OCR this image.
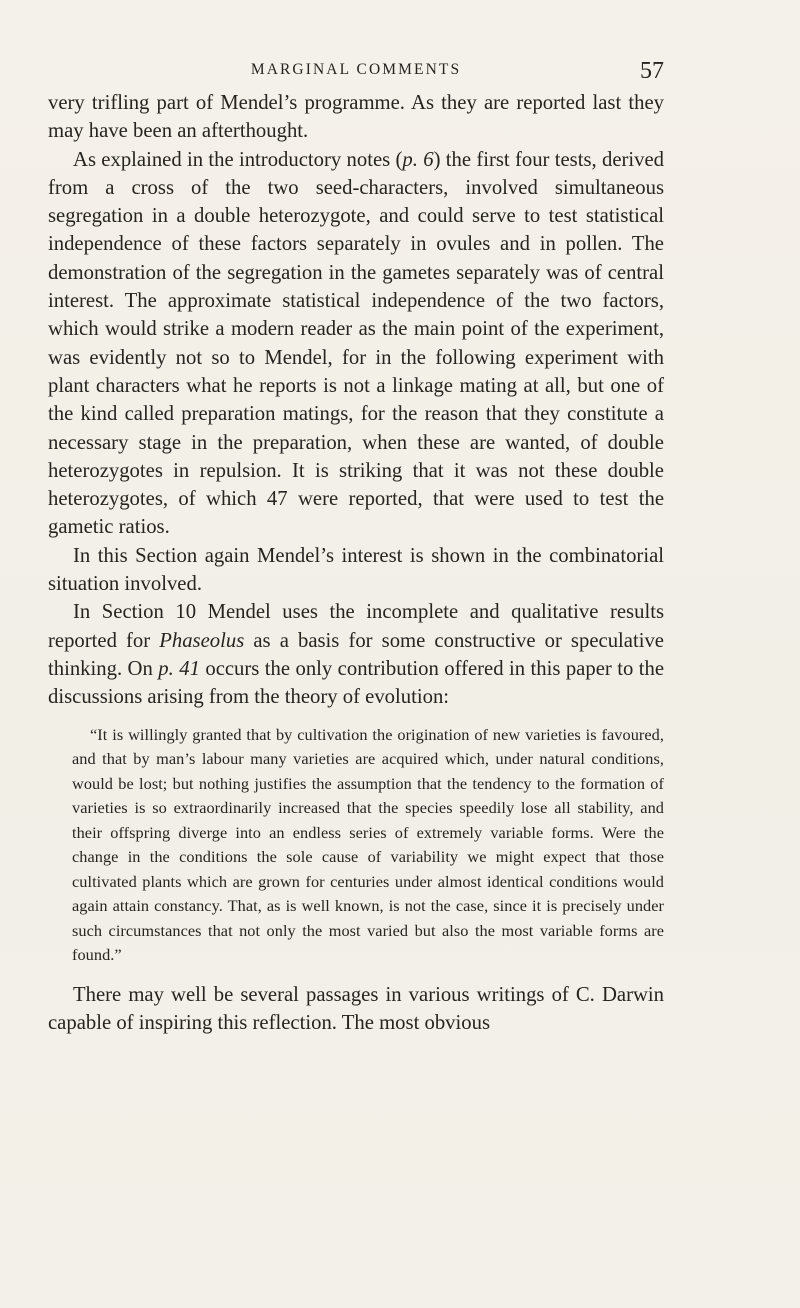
MARGINAL COMMENTS	57

very trifling part of Mendel’s programme. As they are reported last they may have been an afterthought.

As explained in the introductory notes (p. 6) the first four tests, derived from a cross of the two seed-characters, involved simultaneous segregation in a double heterozygote, and could serve to test statistical independence of these factors separately in ovules and in pollen. The demonstration of the segregation in the gametes separately was of central interest. The approximate statistical independence of the two factors, which would strike a modern reader as the main point of the experiment, was evidently not so to Mendel, for in the following experiment with plant characters what he reports is not a linkage mating at all, but one of the kind called preparation matings, for the reason that they constitute a necessary stage in the preparation, when these are wanted, of double heterozygotes in repulsion. It is striking that it was not these double heterozygotes, of which 47 were reported, that were used to test the gametic ratios.

In this Section again Mendel’s interest is shown in the combinatorial situation involved.

In Section 10 Mendel uses the incomplete and qualitative results reported for Phaseolus as a basis for some constructive or speculative thinking. On p. 41 occurs the only contribution offered in this paper to the discussions arising from the theory of evolution:

“It is willingly granted that by cultivation the origination of new varieties is favoured, and that by man’s labour many varieties are acquired which, under natural conditions, would be lost; but nothing justifies the assumption that the tendency to the formation of varieties is so extraordinarily increased that the species speedily lose all stability, and their offspring diverge into an endless series of extremely variable forms. Were the change in the conditions the sole cause of variability we might expect that those cultivated plants which are grown for centuries under almost identical conditions would again attain constancy. That, as is well known, is not the case, since it is precisely under such circumstances that not only the most varied but also the most variable forms are found.”

There may well be several passages in various writings of C. Darwin capable of inspiring this reflection. The most obvious
